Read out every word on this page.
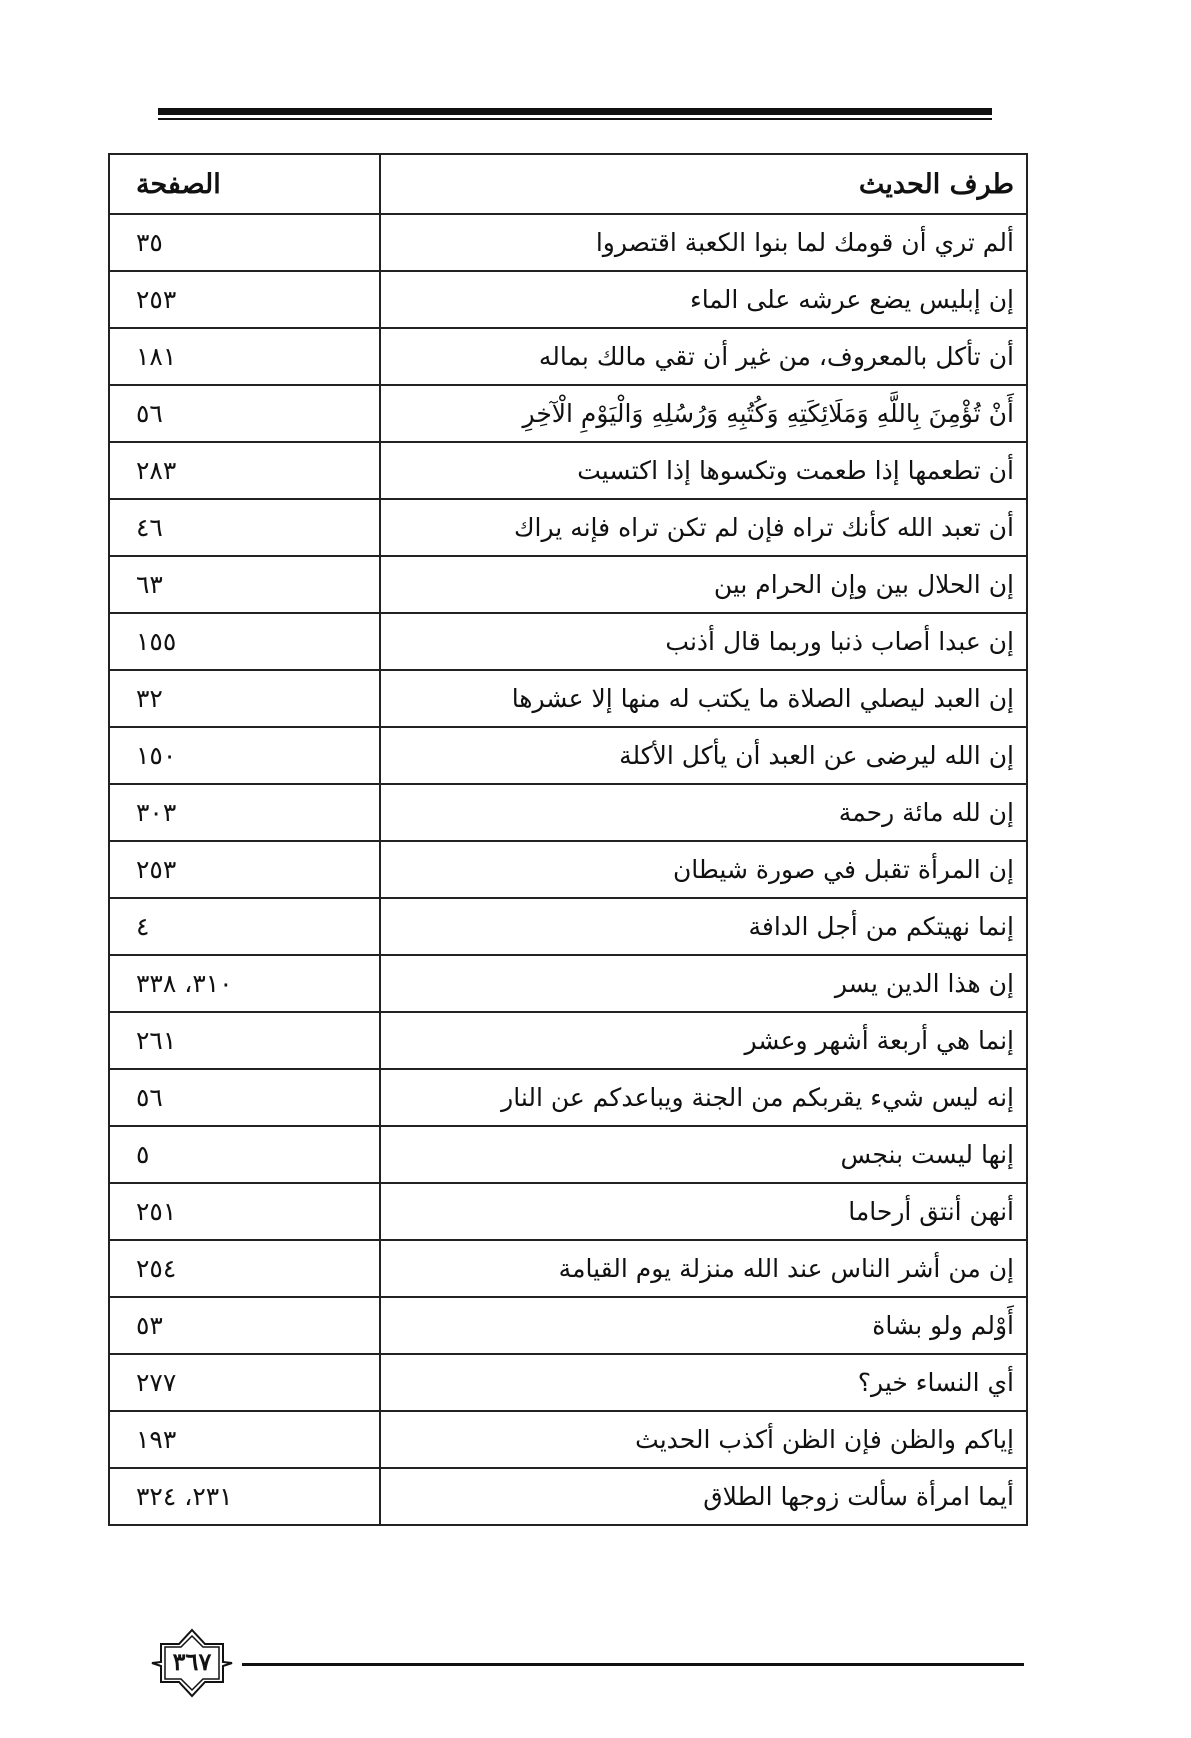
طرف الحديث	الصفحة
ألم تري أن قومك لما بنوا الكعبة اقتصروا	٣٥
إن إبليس يضع عرشه على الماء	٢٥٣
أن تأكل بالمعروف، من غير أن تقي مالك بماله	١٨١
أَنْ تُؤْمِنَ بِاللَّهِ وَمَلَائِكَتِهِ وَكُتُبِهِ وَرُسُلِهِ وَالْيَوْمِ الْآخِرِ	٥٦
أن تطعمها إذا طعمت وتكسوها إذا اكتسيت	٢٨٣
أن تعبد الله كأنك تراه فإن لم تكن تراه فإنه يراك	٤٦
إن الحلال بين وإن الحرام بين	٦٣
إن عبدا أصاب ذنبا وربما قال أذنب	١٥٥
إن العبد ليصلي الصلاة ما يكتب له منها إلا عشرها	٣٢
إن الله ليرضى عن العبد أن يأكل الأكلة	١٥٠
إن لله مائة رحمة	٣٠٣
إن المرأة تقبل في صورة شيطان	٢٥٣
إنما نهيتكم من أجل الدافة	٤
إن هذا الدين يسر	٣١٠، ٣٣٨
إنما هي أربعة أشهر وعشر	٢٦١
إنه ليس شيء يقربكم من الجنة ويباعدكم عن النار	٥٦
إنها ليست بنجس	٥
أنهن أنتق أرحاما	٢٥١
إن من أشر الناس عند الله منزلة يوم القيامة	٢٥٤
أَوْلم ولو بشاة	٥٣
أي النساء خير؟	٢٧٧
إياكم والظن فإن الظن أكذب الحديث	١٩٣
أيما امرأة سألت زوجها الطلاق	٢٣١، ٣٢٤
٣٦٧
